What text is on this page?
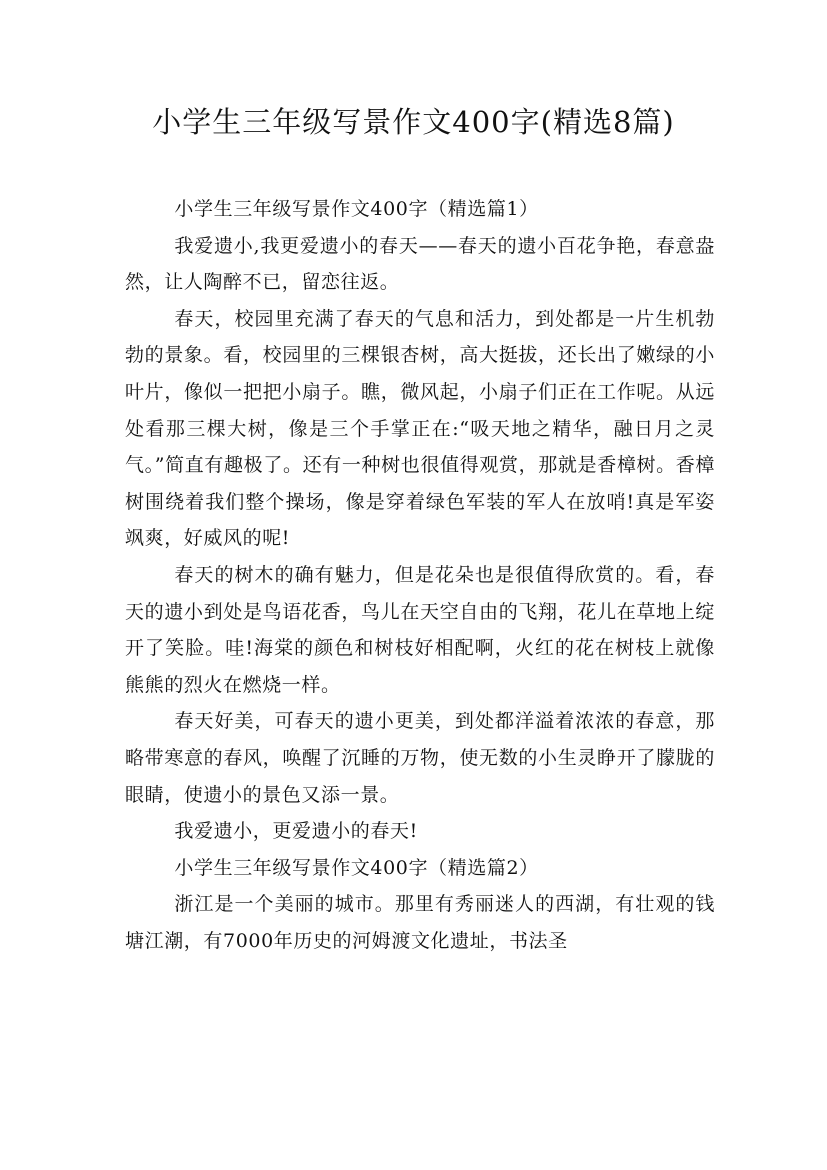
小学生三年级写景作文400字(精选8篇)

小学生三年级写景作文400字（精选篇1）

我爱遗小,我更爱遗小的春天——春天的遗小百花争艳，春意盎然，让人陶醉不已，留恋往返。

春天，校园里充满了春天的气息和活力，到处都是一片生机勃勃的景象。看，校园里的三棵银杏树，高大挺拔，还长出了嫩绿的小叶片，像似一把把小扇子。瞧，微风起，小扇子们正在工作呢。从远处看那三棵大树，像是三个手掌正在:“吸天地之精华，融日月之灵气。”简直有趣极了。还有一种树也很值得观赏，那就是香樟树。香樟树围绕着我们整个操场，像是穿着绿色军装的军人在放哨!真是军姿飒爽，好威风的呢!

春天的树木的确有魅力，但是花朵也是很值得欣赏的。看，春天的遗小到处是鸟语花香，鸟儿在天空自由的飞翔，花儿在草地上绽开了笑脸。哇!海棠的颜色和树枝好相配啊，火红的花在树枝上就像熊熊的烈火在燃烧一样。

春天好美，可春天的遗小更美，到处都洋溢着浓浓的春意，那略带寒意的春风，唤醒了沉睡的万物，使无数的小生灵睁开了朦胧的眼睛，使遗小的景色又添一景。

我爱遗小，更爱遗小的春天!

小学生三年级写景作文400字（精选篇2）

浙江是一个美丽的城市。那里有秀丽迷人的西湖，有壮观的钱塘江潮，有7000年历史的河姆渡文化遗址，书法圣
